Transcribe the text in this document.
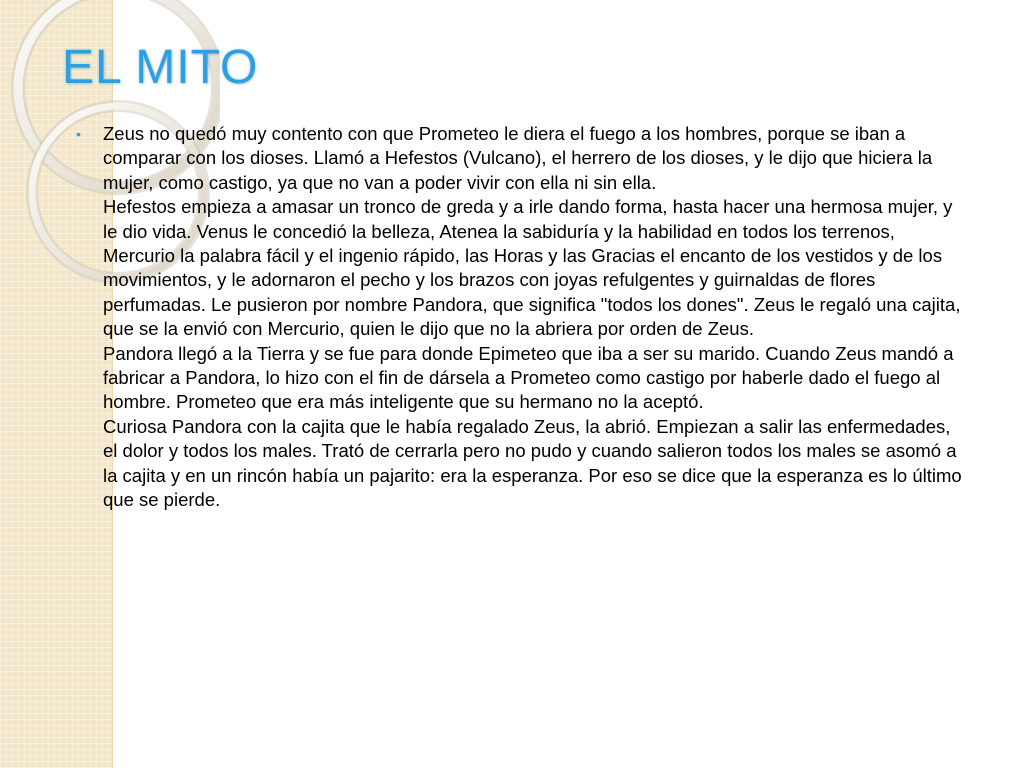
EL MITO
•	Zeus no quedó muy contento con que Prometeo le diera el fuego a los hombres, porque se iban a comparar con los dioses. Llamó a Hefestos (Vulcano), el herrero de los dioses, y le dijo que hiciera la mujer, como castigo, ya que no van a poder vivir con ella ni sin ella.

Hefestos empieza a amasar un tronco de greda y a irle dando forma, hasta hacer una hermosa mujer, y le dio vida. Venus le concedió la belleza, Atenea la sabiduría y la habilidad en todos los terrenos, Mercurio la palabra fácil y el ingenio rápido, las Horas y las Gracias el encanto de los vestidos y de los movimientos, y le adornaron el pecho y los brazos con joyas refulgentes y guirnaldas de flores perfumadas. Le pusieron por nombre Pandora, que significa "todos los dones". Zeus le regaló una cajita, que se la envió con Mercurio, quien le dijo que no la abriera por orden de Zeus.

Pandora llegó a la Tierra y se fue para donde Epimeteo que iba a ser su marido. Cuando Zeus mandó a fabricar a Pandora, lo hizo con el fin de dársela a Prometeo como castigo por haberle dado el fuego al hombre. Prometeo que era más inteligente que su hermano no la aceptó.

Curiosa Pandora con la cajita que le había regalado Zeus, la abrió. Empiezan a salir las enfermedades, el dolor y todos los males. Trató de cerrarla pero no pudo y cuando salieron todos los males se asomó a la cajita y en un rincón había un pajarito: era la esperanza. Por eso se dice que la esperanza es lo último que se pierde.
